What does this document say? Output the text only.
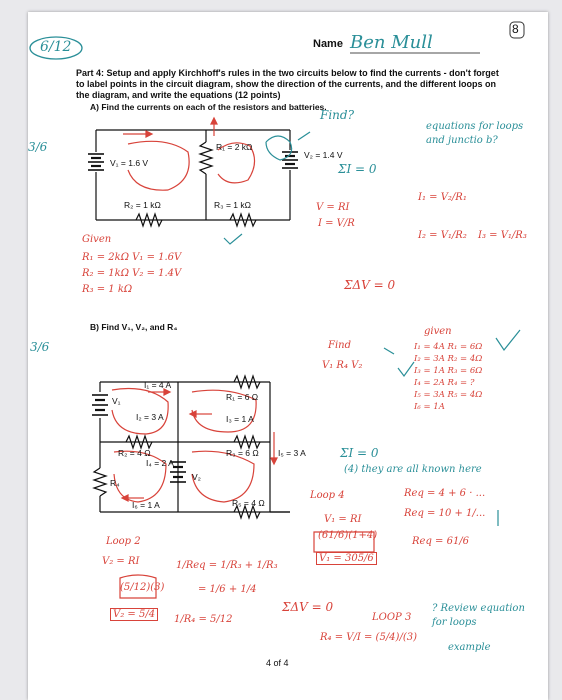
Name Ben Mull
6/12
8
Part 4: Setup and apply Kirchhoff's rules in the two circuits below to find the currents - don't forget to label points in the circuit diagram, show the direction of the currents, and the different loops on the diagram, and write the equations (12 points)
A) Find the currents on each of the resistors and batteries.
B) Find V₁, V₂, and R₄
V₁ = 1.6 V
V₂ = 1.4 V
R₁ = 2 kΩ
R₂ = 1 kΩ	R₃ = 1 kΩ
V₁
I₁ = 4 A
I₂ = 3 A
R₁ = 6 Ω
I₃ = 1 A
R₂ = 4 Ω
I₄ = 2 A
R₃ = 6 Ω I₅ = 3 A
R₄
V₂
I₆ = 1 A	R₅ = 4 Ω
3/6
Find?
equations for loops and junctio b?
ΣI = 0
V = RI
I = V/R
I₁ = V₂/R₁
I₂ = V₁/R₂ I₃ = V₁/R₃
Given
R₁ = 2kΩ V₁ = 1.6V
R₂ = 1kΩ V₂ = 1.4V
R₃ = 1 kΩ	ΣΔV = 0
3/6	Find
V₁ R₄ V₂
given
I₁ = 4A R₁ = 6Ω
I₂ = 3A R₂ = 4Ω
I₃ = 1A R₃ = 6Ω
I₄ = 2A R₄ = ?
I₅ = 3A R₅ = 4Ω
I₆ = 1A
ΣI = 0
(4) they are all known here
Loop 4	Req = 4 + 6 · ...
Req = 10 + 1/...
Req = 61/6
Loop 2
V₂ = RI
(5/12)(3)
V₂ = 5/4
1/Req = 1/R₃ + 1/R₃
= 1/6 + 1/4
1/R₄ = 5/12
V₁ = RI
(61/6)(1+4)
V₁ = 305/6
ΣΔV = 0
LOOP 3
R₄ = V/I = (5/4)/(3)
example
? Review equation for loops
4 of 4
